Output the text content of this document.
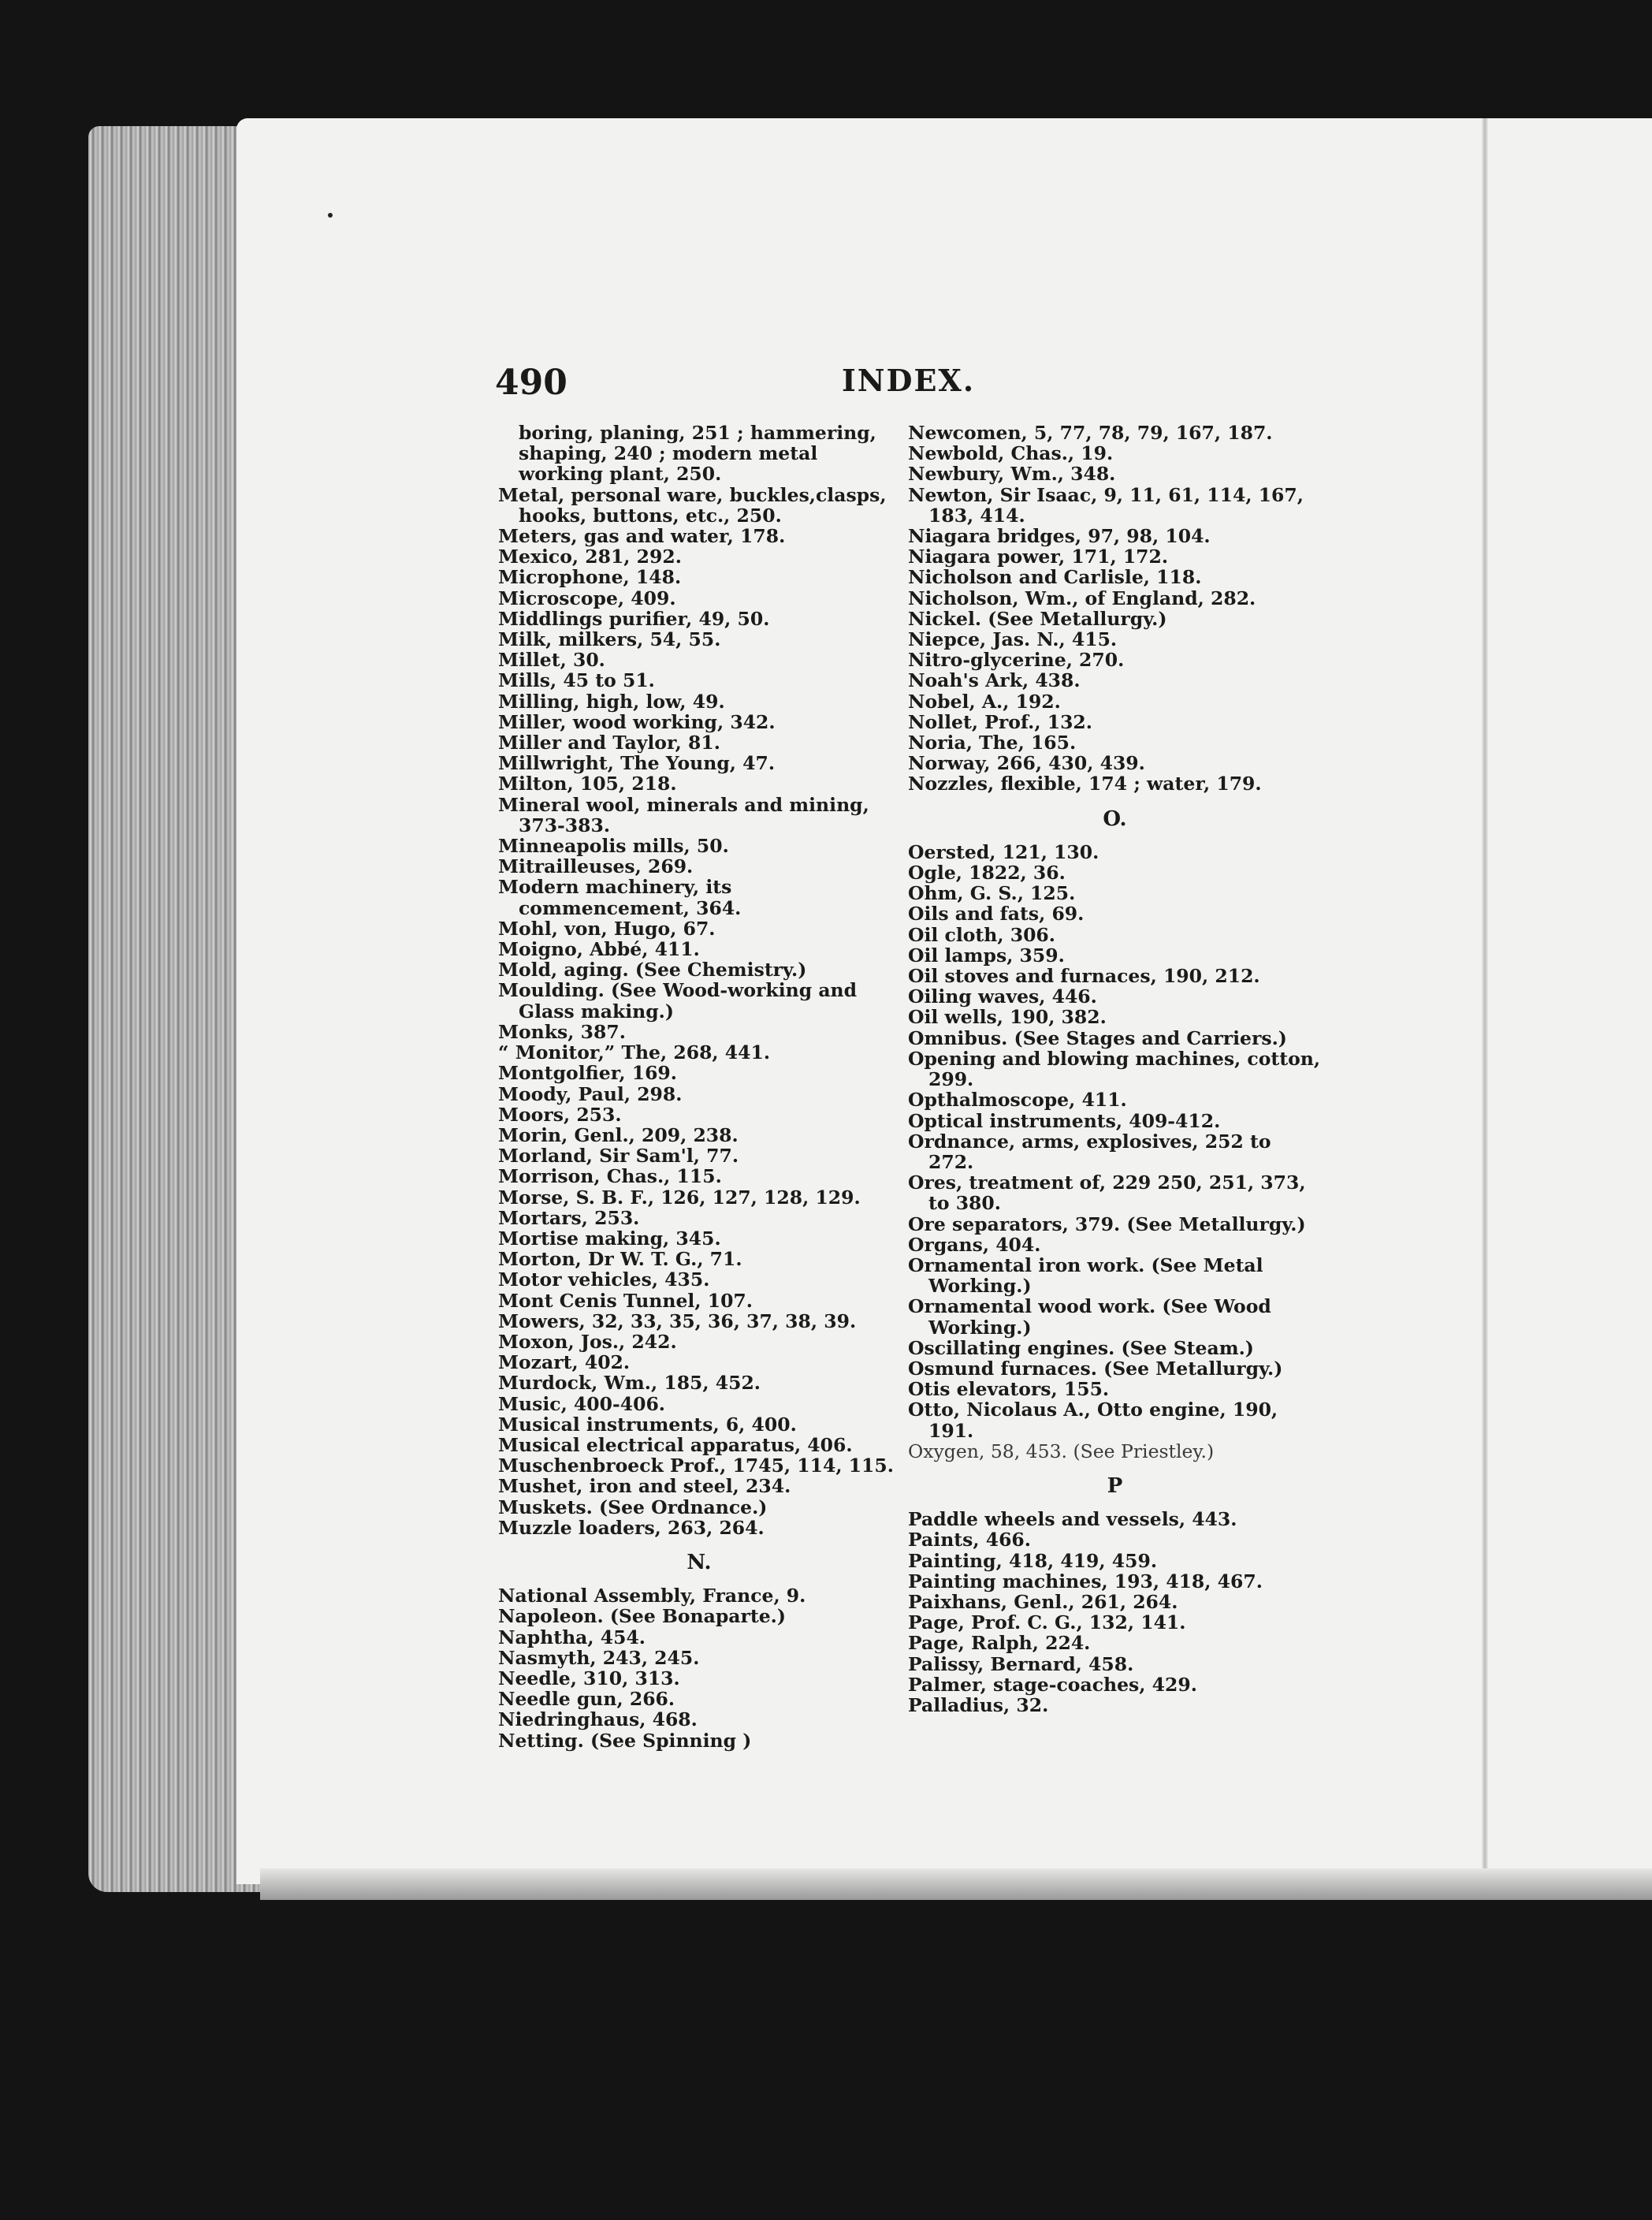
490	INDEX.
boring, planing, 251 ; hammering, shaping, 240 ; modern metal working plant, 250.
Metal, personal ware, buckles,clasps, hooks, buttons, etc., 250.
Meters, gas and water, 178.
Mexico, 281, 292.
Microphone, 148.
Microscope, 409.
Middlings purifier, 49, 50.
Milk, milkers, 54, 55.
Millet, 30.
Mills, 45 to 51.
Milling, high, low, 49.
Miller, wood working, 342.
Miller and Taylor, 81.
Millwright, The Young, 47.
Milton, 105, 218.
Mineral wool, minerals and mining, 373-383.
Minneapolis mills, 50.
Mitrailleuses, 269.
Modern machinery, its commencement, 364.
Mohl, von, Hugo, 67.
Moigno, Abbé, 411.
Mold, aging. (See Chemistry.)
Moulding. (See Wood-working and Glass making.)
Monks, 387.
“ Monitor,” The, 268, 441.
Montgolfier, 169.
Moody, Paul, 298.
Moors, 253.
Morin, Genl., 209, 238.
Morland, Sir Sam'l, 77.
Morrison, Chas., 115.
Morse, S. B. F., 126, 127, 128, 129.
Mortars, 253.
Mortise making, 345.
Morton, Dr W. T. G., 71.
Motor vehicles, 435.
Mont Cenis Tunnel, 107.
Mowers, 32, 33, 35, 36, 37, 38, 39.
Moxon, Jos., 242.
Mozart, 402.
Murdock, Wm., 185, 452.
Music, 400-406.
Musical instruments, 6, 400.
Musical electrical apparatus, 406.
Muschenbroeck Prof., 1745, 114, 115.
Mushet, iron and steel, 234.
Muskets. (See Ordnance.)
Muzzle loaders, 263, 264.
N.
National Assembly, France, 9.
Napoleon. (See Bonaparte.)
Naphtha, 454.
Nasmyth, 243, 245.
Needle, 310, 313.
Needle gun, 266.
Niedringhaus, 468.
Netting. (See Spinning )
Newcomen, 5, 77, 78, 79, 167, 187.
Newbold, Chas., 19.
Newbury, Wm., 348.
Newton, Sir Isaac, 9, 11, 61, 114, 167, 183, 414.
Niagara bridges, 97, 98, 104.
Niagara power, 171, 172.
Nicholson and Carlisle, 118.
Nicholson, Wm., of England, 282.
Nickel. (See Metallurgy.)
Niepce, Jas. N., 415.
Nitro-glycerine, 270.
Noah's Ark, 438.
Nobel, A., 192.
Nollet, Prof., 132.
Noria, The, 165.
Norway, 266, 430, 439.
Nozzles, flexible, 174 ; water, 179.
O.
Oersted, 121, 130.
Ogle, 1822, 36.
Ohm, G. S., 125.
Oils and fats, 69.
Oil cloth, 306.
Oil lamps, 359.
Oil stoves and furnaces, 190, 212.
Oiling waves, 446.
Oil wells, 190, 382.
Omnibus. (See Stages and Carriers.)
Opening and blowing machines, cotton, 299.
Opthalmoscope, 411.
Optical instruments, 409-412.
Ordnance, arms, explosives, 252 to 272.
Ores, treatment of, 229 250, 251, 373, to 380.
Ore separators, 379. (See Metallurgy.)
Organs, 404.
Ornamental iron work. (See Metal Working.)
Ornamental wood work. (See Wood Working.)
Oscillating engines. (See Steam.)
Osmund furnaces. (See Metallurgy.)
Otis elevators, 155.
Otto, Nicolaus A., Otto engine, 190, 191.
Oxygen, 58, 453. (See Priestley.)
P
Paddle wheels and vessels, 443.
Paints, 466.
Painting, 418, 419, 459.
Painting machines, 193, 418, 467.
Paixhans, Genl., 261, 264.
Page, Prof. C. G., 132, 141.
Page, Ralph, 224.
Palissy, Bernard, 458.
Palmer, stage-coaches, 429.
Palladius, 32.
